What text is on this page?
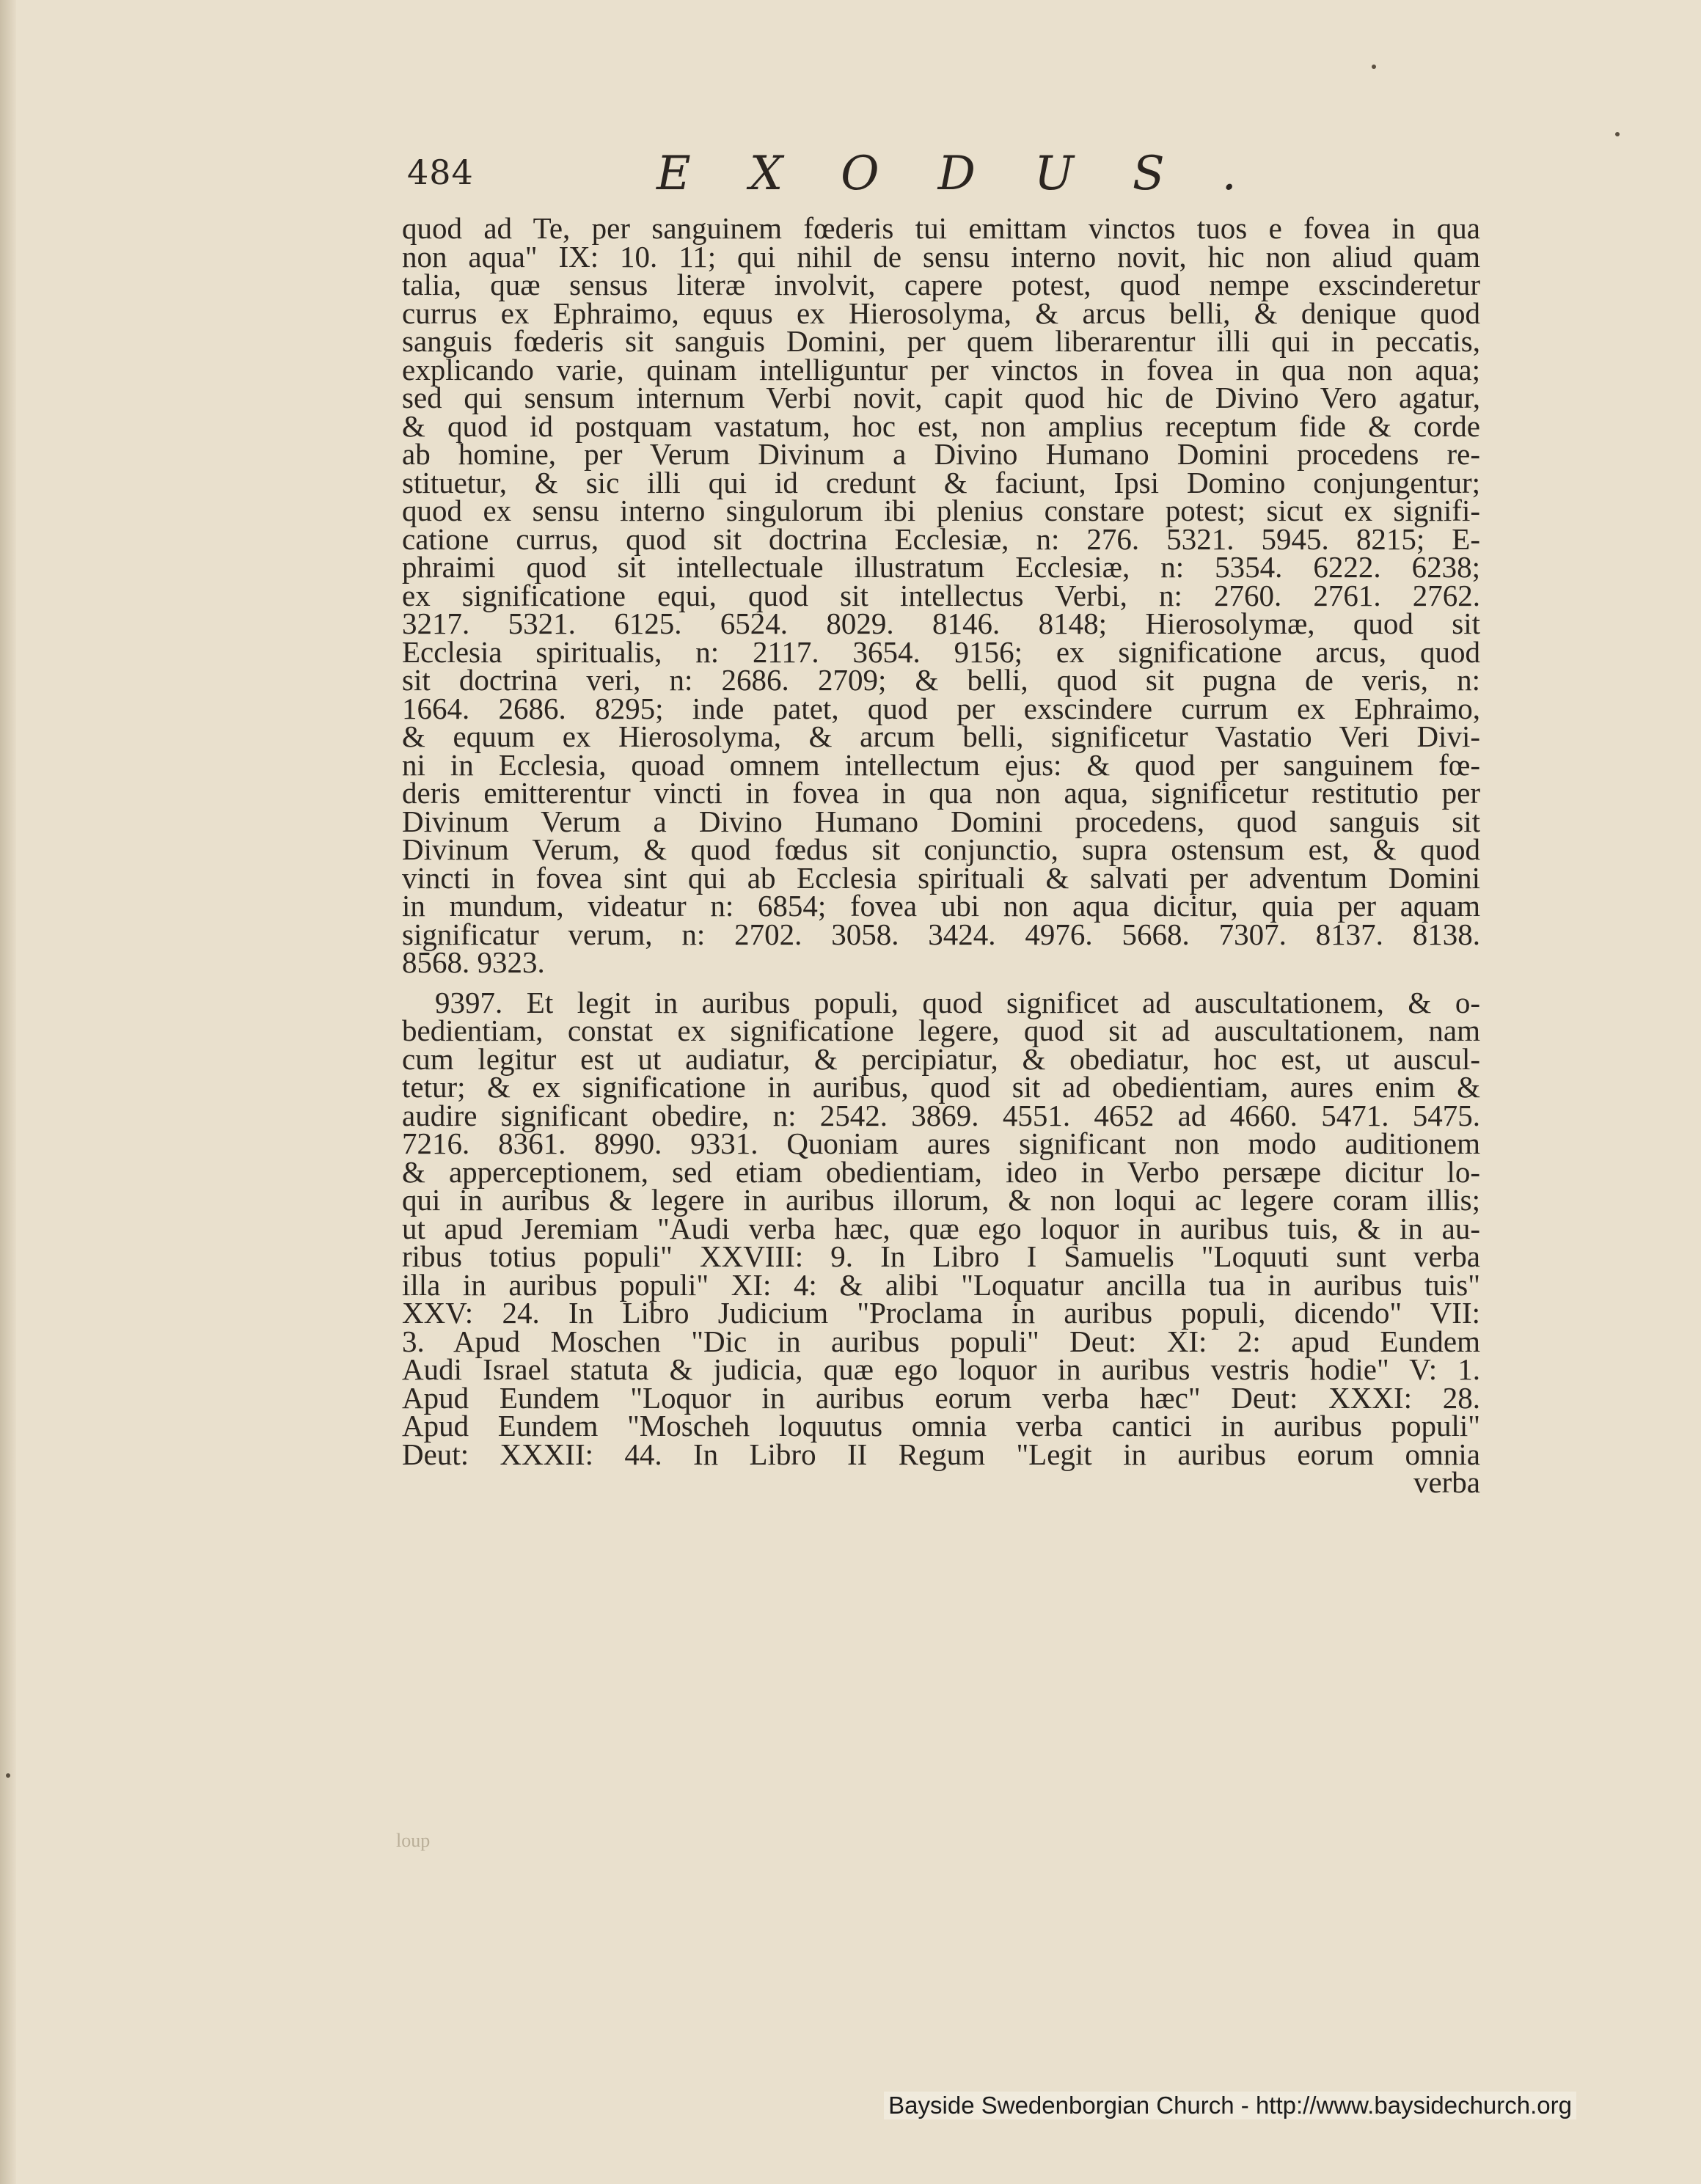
484	EXODUS.
quod ad Te, per sanguinem fœderis tui emittam vinctos tuos e fovea in qua
non aqua" IX: 10. 11; qui nihil de sensu interno novit, hic non aliud quam
talia, quæ sensus literæ involvit, capere potest, quod nempe exscinderetur
currus ex Ephraimo, equus ex Hierosolyma, & arcus belli, & denique quod
sanguis fœderis sit sanguis Domini, per quem liberarentur illi qui in peccatis,
explicando varie, quinam intelliguntur per vinctos in fovea in qua non aqua;
sed qui sensum internum Verbi novit, capit quod hic de Divino Vero agatur,
& quod id postquam vastatum, hoc est, non amplius receptum fide & corde
ab homine, per Verum Divinum a Divino Humano Domini procedens re-
stituetur, & sic illi qui id credunt & faciunt, Ipsi Domino conjungentur;
quod ex sensu interno singulorum ibi plenius constare potest; sicut ex signifi-
catione currus, quod sit doctrina Ecclesiæ, n: 276. 5321. 5945. 8215; E-
phraimi quod sit intellectuale illustratum Ecclesiæ, n: 5354. 6222. 6238;
ex significatione equi, quod sit intellectus Verbi, n: 2760. 2761. 2762.
3217. 5321. 6125. 6524. 8029. 8146. 8148; Hierosolymæ, quod sit
Ecclesia spiritualis, n: 2117. 3654. 9156; ex significatione arcus, quod
sit doctrina veri, n: 2686. 2709; & belli, quod sit pugna de veris, n:
1664. 2686. 8295; inde patet, quod per exscindere currum ex Ephraimo,
& equum ex Hierosolyma, & arcum belli, significetur Vastatio Veri Divi-
ni in Ecclesia, quoad omnem intellectum ejus: & quod per sanguinem fœ-
deris emitterentur vincti in fovea in qua non aqua, significetur restitutio per
Divinum Verum a Divino Humano Domini procedens, quod sanguis sit
Divinum Verum, & quod fœdus sit conjunctio, supra ostensum est, & quod
vincti in fovea sint qui ab Ecclesia spirituali & salvati per adventum Domini
in mundum, videatur n: 6854; fovea ubi non aqua dicitur, quia per aquam
significatur verum, n: 2702. 3058. 3424. 4976. 5668. 7307. 8137. 8138.
8568. 9323.
9397. Et legit in auribus populi, quod significet ad auscultationem, & o-
bedientiam, constat ex significatione legere, quod sit ad auscultationem, nam
cum legitur est ut audiatur, & percipiatur, & obediatur, hoc est, ut auscul-
tetur; & ex significatione in auribus, quod sit ad obedientiam, aures enim &
audire significant obedire, n: 2542. 3869. 4551. 4652 ad 4660. 5471. 5475.
7216. 8361. 8990. 9331. Quoniam aures significant non modo auditionem
& apperceptionem, sed etiam obedientiam, ideo in Verbo persæpe dicitur lo-
qui in auribus & legere in auribus illorum, & non loqui ac legere coram illis;
ut apud Jeremiam "Audi verba hæc, quæ ego loquor in auribus tuis, & in au-
ribus totius populi" XXVIII: 9. In Libro I Samuelis "Loquuti sunt verba
illa in auribus populi" XI: 4: & alibi "Loquatur ancilla tua in auribus tuis"
XXV: 24. In Libro Judicium "Proclama in auribus populi, dicendo" VII:
3. Apud Moschen "Dic in auribus populi" Deut: XI: 2: apud Eundem
Audi Israel statuta & judicia, quæ ego loquor in auribus vestris hodie" V: 1.
Apud Eundem "Loquor in auribus eorum verba hæc" Deut: XXXI: 28.
Apud Eundem "Moscheh loquutus omnia verba cantici in auribus populi"
Deut: XXXII: 44. In Libro II Regum "Legit in auribus eorum omnia
verba
loup
Bayside Swedenborgian Church - http://www.baysidechurch.org
